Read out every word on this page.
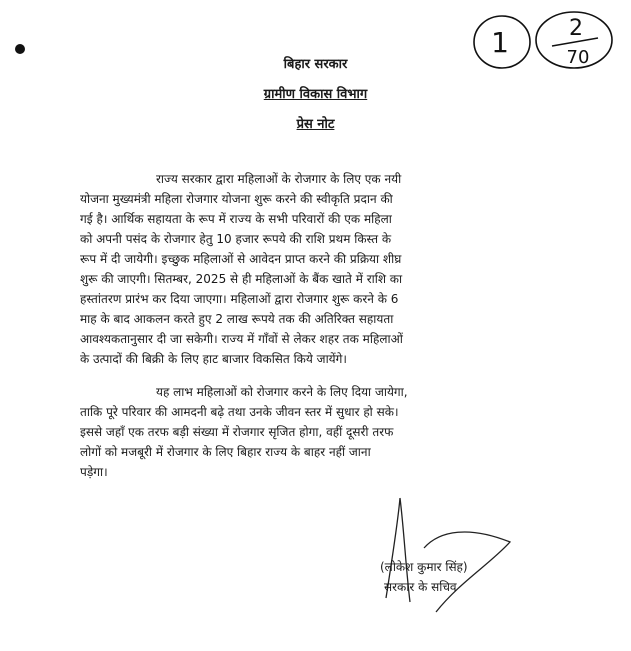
1	2
70
बिहार सरकार
ग्रामीण विकास विभाग
प्रेस नोट
राज्य सरकार द्वारा महिलाओं के रोजगार के लिए एक नयी
योजना मुख्यमंत्री महिला रोजगार योजना शुरू करने की स्वीकृति प्रदान की
गई है। आर्थिक सहायता के रूप में राज्य के सभी परिवारों की एक महिला
को अपनी पसंद के रोजगार हेतु 10 हजार रूपये की राशि प्रथम किस्त के
रूप में दी जायेगी। इच्छुक महिलाओं से आवेदन प्राप्त करने की प्रक्रिया शीघ्र
शुरू की जाएगी। सितम्बर, 2025 से ही महिलाओं के बैंक खाते में राशि का
हस्तांतरण प्रारंभ कर दिया जाएगा। महिलाओं द्वारा रोजगार शुरू करने के 6
माह के बाद आकलन करते हुए 2 लाख रूपये तक की अतिरिक्त सहायता
आवश्यकतानुसार दी जा सकेगी। राज्य में गाँवों से लेकर शहर तक महिलाओं
के उत्पादों की बिक्री के लिए हाट बाजार विकसित किये जायेंगे।
यह लाभ महिलाओं को रोजगार करने के लिए दिया जायेगा,
ताकि पूरे परिवार की आमदनी बढ़े तथा उनके जीवन स्तर में सुधार हो सके।
इससे जहाँ एक तरफ बड़ी संख्या में रोजगार सृजित होगा, वहीं दूसरी तरफ
लोगों को मजबूरी में रोजगार के लिए बिहार राज्य के बाहर नहीं जाना
पड़ेगा।
(लोकेश कुमार सिंह)
सरकार के सचिव
